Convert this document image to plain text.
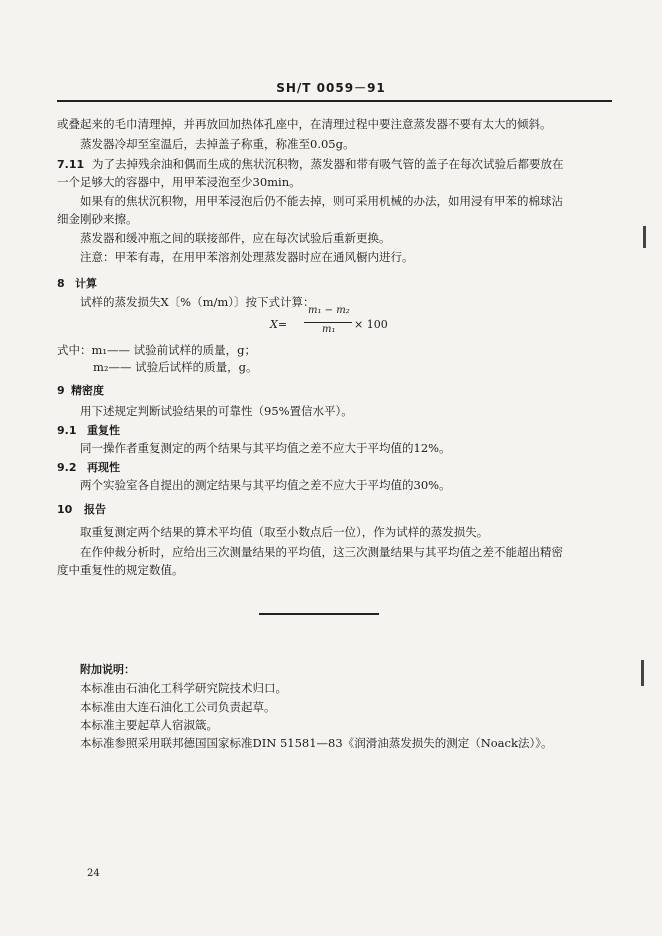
SH/T 0059－91
或叠起来的毛巾清理掉，并再放回加热体孔座中，在清理过程中要注意蒸发器不要有太大的倾斜。
蒸发器冷却至室温后，去掉盖子称重，称准至0.05g。
7.11 为了去掉残余油和偶而生成的焦状沉积物，蒸发器和带有吸气管的盖子在每次试验后都要放在
一个足够大的容器中，用甲苯浸泡至少30min。
如果有的焦状沉积物，用甲苯浸泡后仍不能去掉，则可采用机械的办法，如用浸有甲苯的棉球沾
细金刚砂来擦。
蒸发器和缓冲瓶之间的联接部件，应在每次试验后重新更换。
注意：甲苯有毒，在用甲苯溶剂处理蒸发器时应在通风橱内进行。
8 计算
试样的蒸发损失X〔%（m/m）〕按下式计算：
X=
m₁ − m₂
m₁ × 100
式中：m₁—— 试验前试样的质量，g；
m₂—— 试验后试样的质量，g。
9 精密度
用下述规定判断试验结果的可靠性（95%置信水平）。
9.1 重复性
同一操作者重复测定的两个结果与其平均值之差不应大于平均值的12%。
9.2 再现性
两个实验室各自提出的测定结果与其平均值之差不应大于平均值的30%。
10 报告
取重复测定两个结果的算术平均值（取至小数点后一位），作为试样的蒸发损失。
在作仲裁分析时，应给出三次测量结果的平均值，这三次测量结果与其平均值之差不能超出精密
度中重复性的规定数值。
附加说明：
本标准由石油化工科学研究院技术归口。
本标准由大连石油化工公司负责起草。
本标准主要起草人宿淑箴。
本标准参照采用联邦德国国家标准DIN 51581—83《润滑油蒸发损失的测定（Noack法）》。
24
